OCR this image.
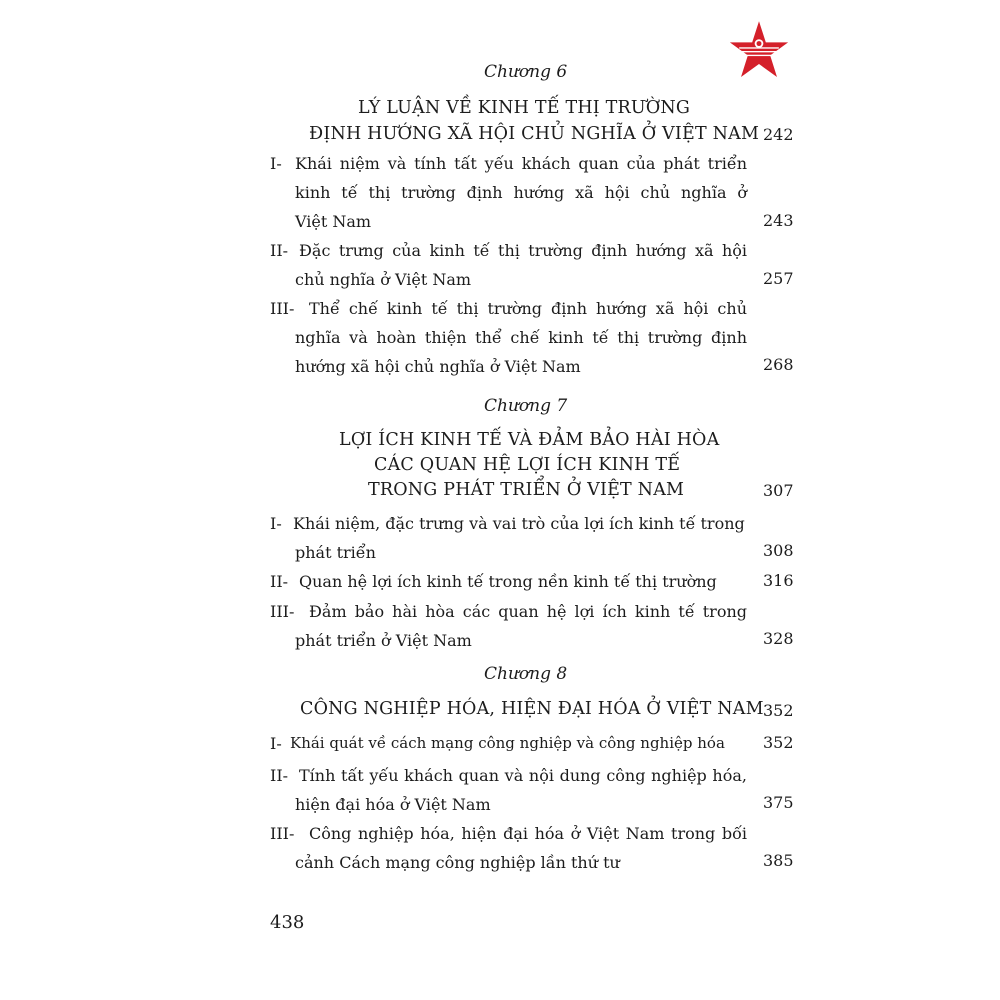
Chương 6

LÝ LUẬN VỀ KINH TẾ THỊ TRƯỜNG

ĐỊNH HƯỚNG XÃ HỘI CHỦ NGHĨA Ở VIỆT NAM 242

I- Khái niệm và tính tất yếu khách quan của phát triển

kinh tế thị trường định hướng xã hội chủ nghĩa ở

Việt Nam	243

II- Đặc trưng của kinh tế thị trường định hướng xã hội

chủ nghĩa ở Việt Nam	257

III- Thể chế kinh tế thị trường định hướng xã hội chủ

nghĩa và hoàn thiện thể chế kinh tế thị trường định

hướng xã hội chủ nghĩa ở Việt Nam	268

Chương 7

LỢI ÍCH KINH TẾ VÀ ĐẢM BẢO HÀI HÒA

CÁC QUAN HỆ LỢI ÍCH KINH TẾ

TRONG PHÁT TRIỂN Ở VIỆT NAM	307

I- Khái niệm, đặc trưng và vai trò của lợi ích kinh tế trong

phát triển	308

II- Quan hệ lợi ích kinh tế trong nền kinh tế thị trường	316

III- Đảm bảo hài hòa các quan hệ lợi ích kinh tế trong

phát triển ở Việt Nam	328

Chương 8

CÔNG NGHIỆP HÓA, HIỆN ĐẠI HÓA Ở VIỆT NAM 352

I- Khái quát về cách mạng công nghiệp và công nghiệp hóa	352

II- Tính tất yếu khách quan và nội dung công nghiệp hóa,

hiện đại hóa ở Việt Nam	375

III- Công nghiệp hóa, hiện đại hóa ở Việt Nam trong bối

cảnh Cách mạng công nghiệp lần thứ tư	385

438
